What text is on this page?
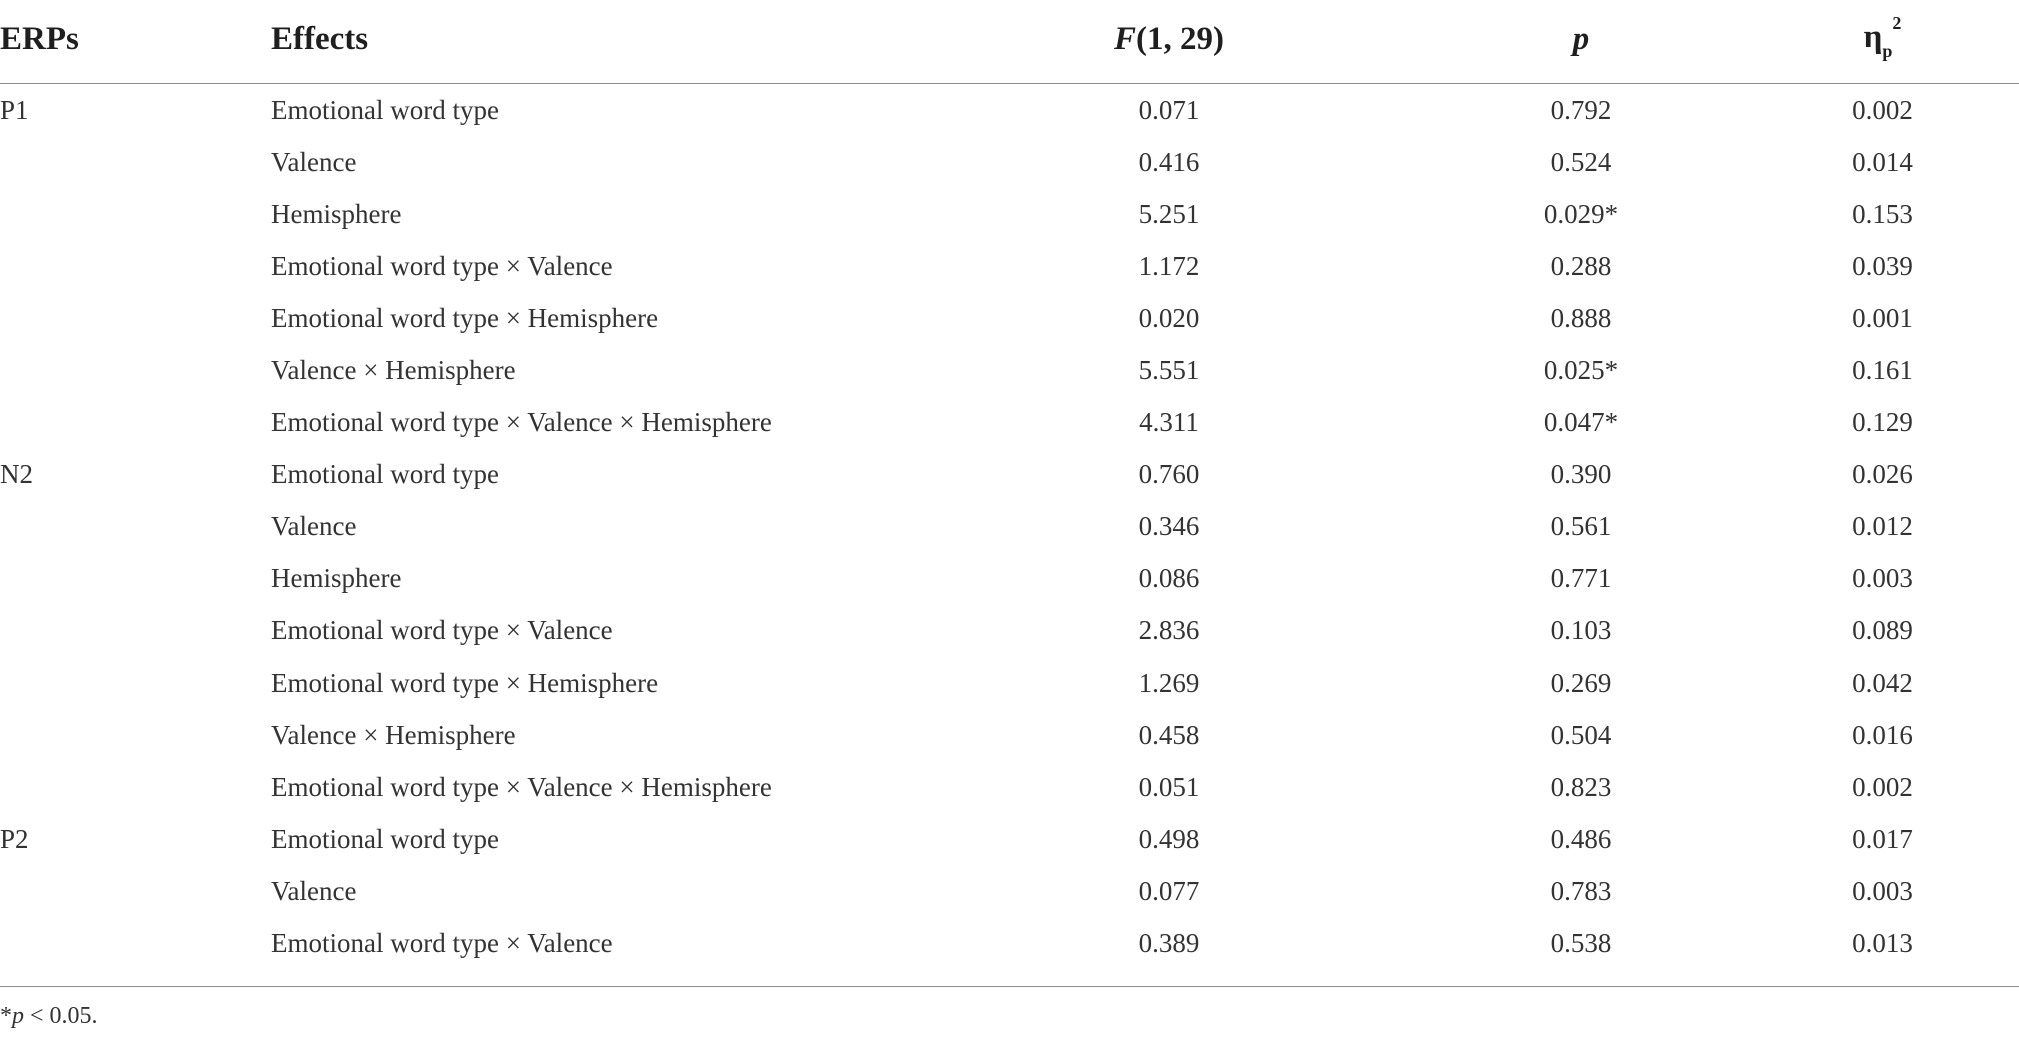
ERPs	Effects	F(1, 29)	p	$\eta_p^2$
P1	Emotional word type	0.071	0.792	0.002
	Valence	0.416	0.524	0.014
	Hemisphere	5.251	0.029*	0.153
	Emotional word type × Valence	1.172	0.288	0.039
	Emotional word type × Hemisphere	0.020	0.888	0.001
	Valence × Hemisphere	5.551	0.025*	0.161
	Emotional word type × Valence × Hemisphere	4.311	0.047*	0.129
N2	Emotional word type	0.760	0.390	0.026
	Valence	0.346	0.561	0.012
	Hemisphere	0.086	0.771	0.003
	Emotional word type × Valence	2.836	0.103	0.089
	Emotional word type × Hemisphere	1.269	0.269	0.042
	Valence × Hemisphere	0.458	0.504	0.016
	Emotional word type × Valence × Hemisphere	0.051	0.823	0.002
P2	Emotional word type	0.498	0.486	0.017
	Valence	0.077	0.783	0.003
	Emotional word type × Valence	0.389	0.538	0.013
*p < 0.05.
